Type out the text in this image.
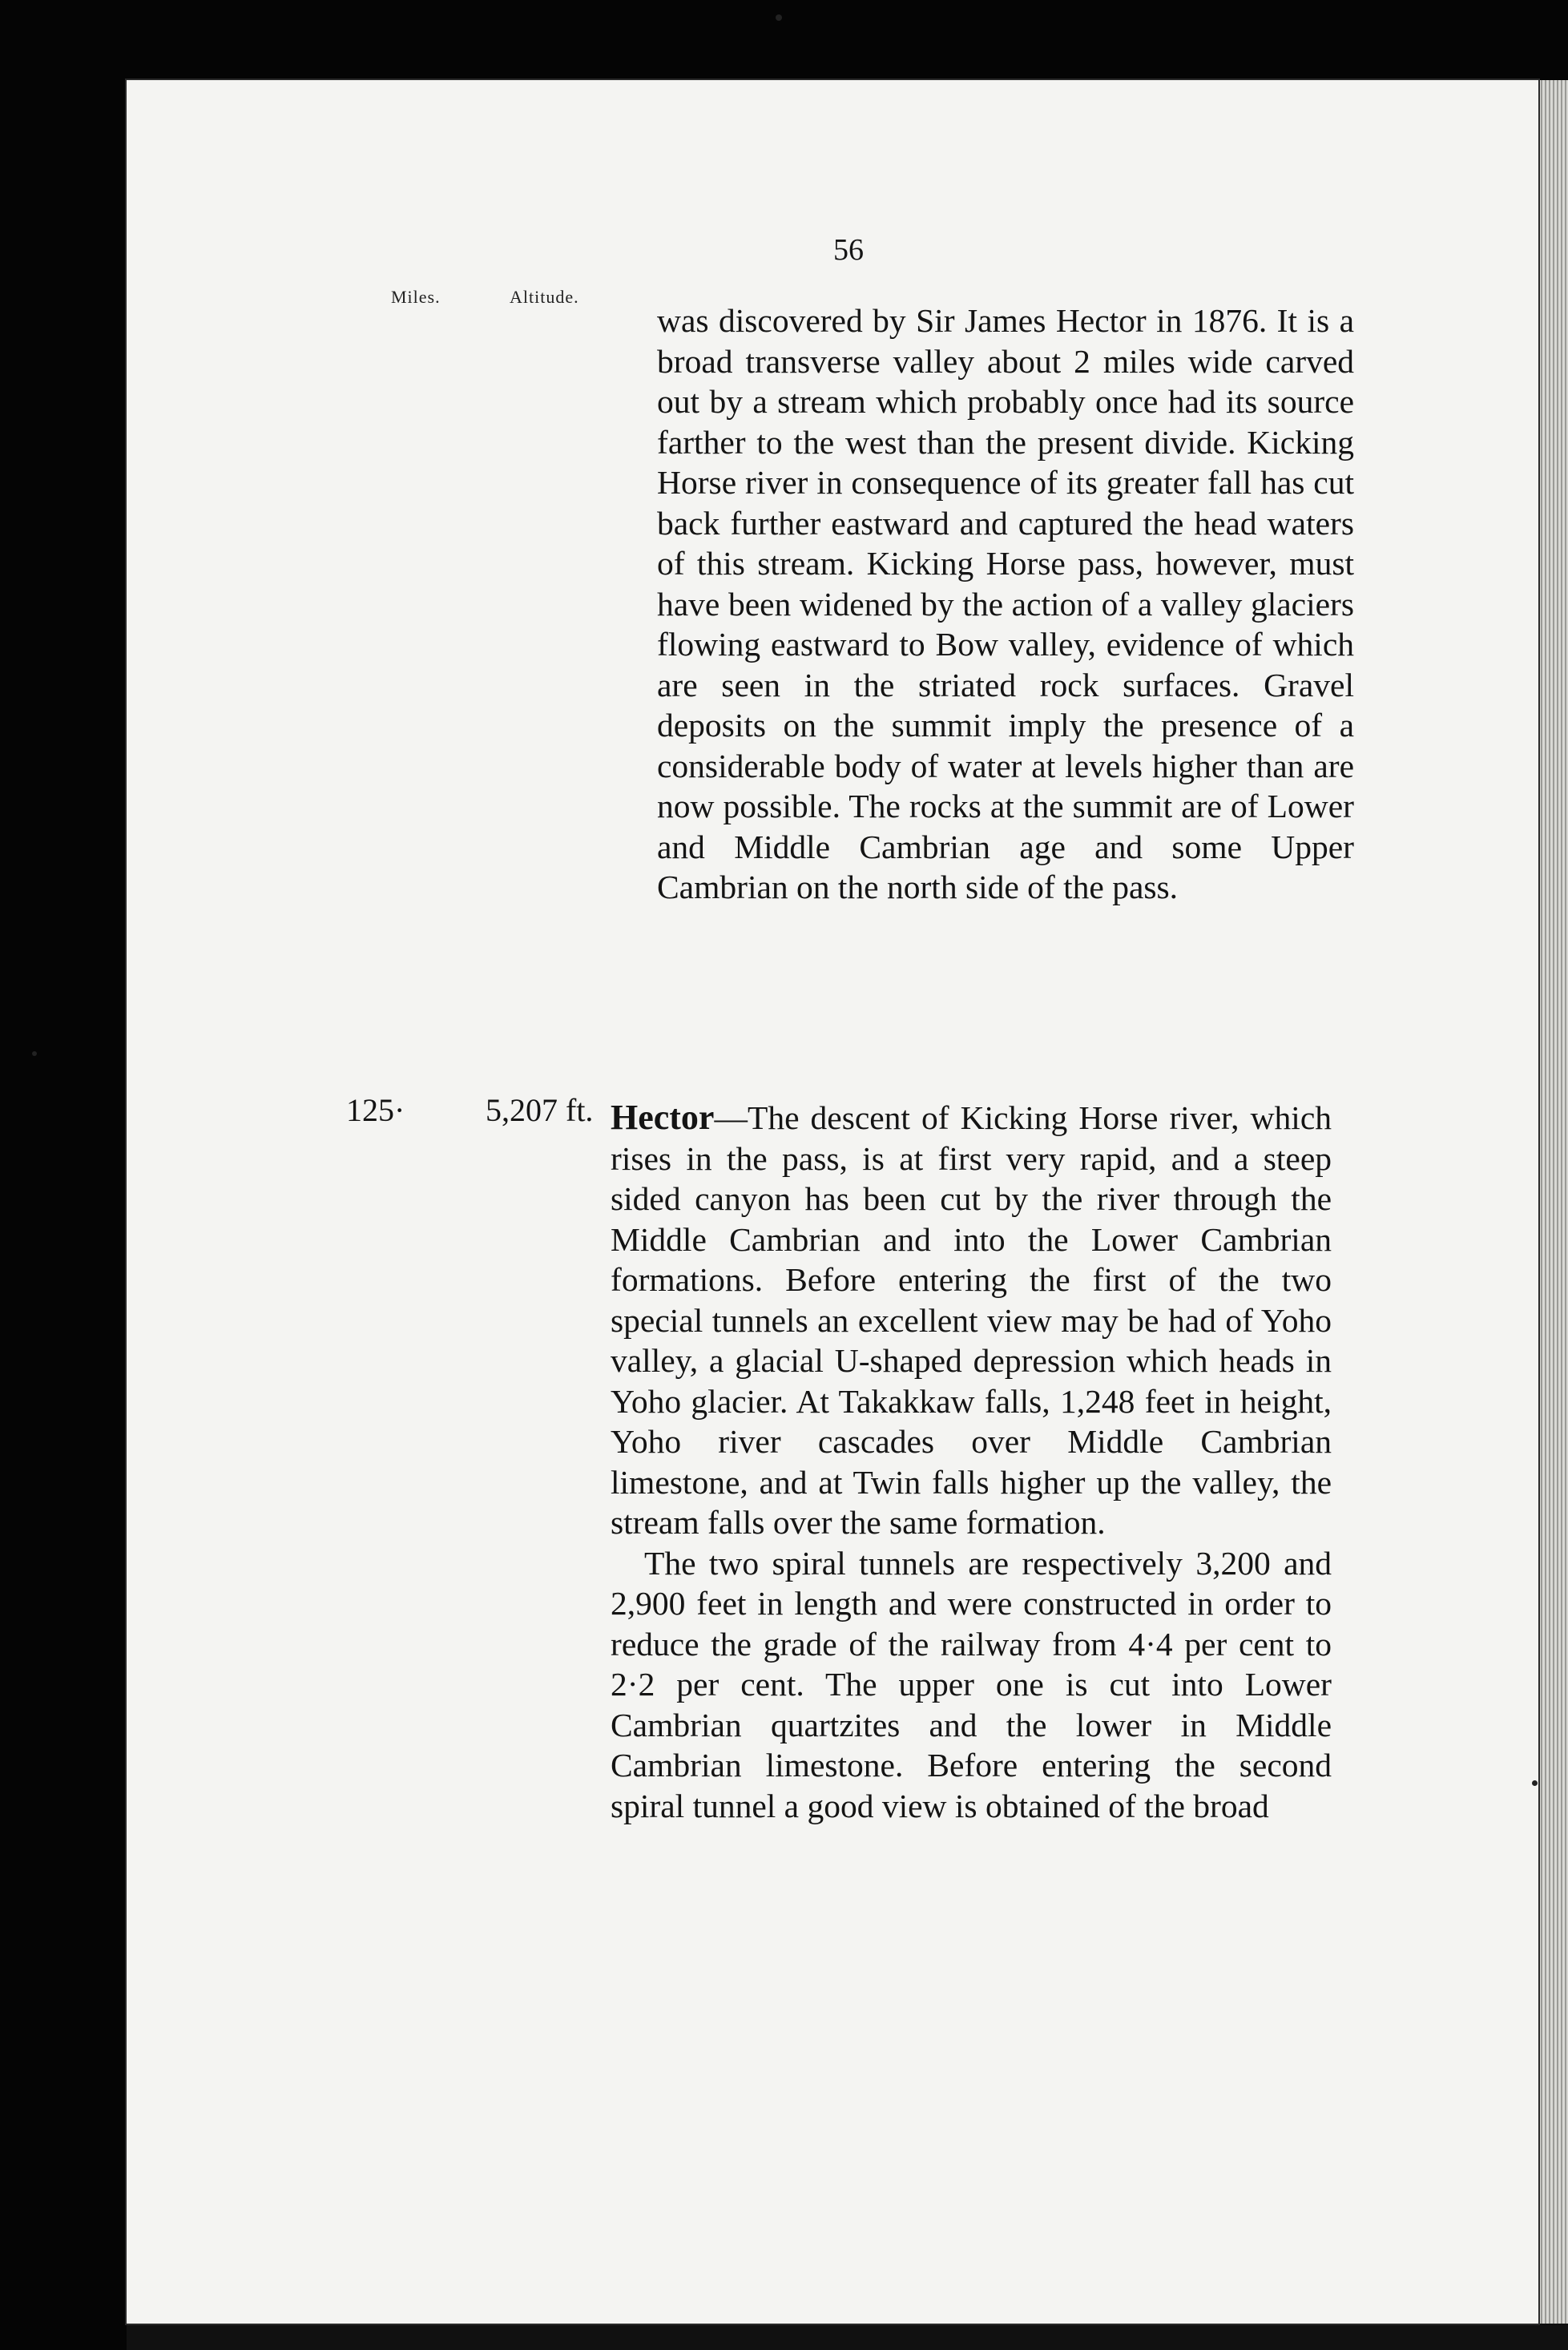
56
Miles.	Altitude.

was discovered by Sir James Hector in 1876. It is a broad transverse valley about 2 miles wide carved out by a stream which probably once had its source farther to the west than the present divide. Kicking Horse river in consequence of its greater fall has cut back further eastward and captured the head waters of this stream. Kicking Horse pass, however, must have been widened by the action of a valley glaciers flowing eastward to Bow valley, evidence of which are seen in the striated rock surfaces. Gravel deposits on the summit imply the presence of a considerable body of water at levels higher than are now possible. The rocks at the summit are of Lower and Middle Cambrian age and some Upper Cambrian on the north side of the pass.

125·	5,207 ft. Hector—The descent of Kicking Horse river, which rises in the pass, is at first very rapid, and a steep sided canyon has been cut by the river through the Middle Cambrian and into the Lower Cambrian formations. Before entering the first of the two special tunnels an excellent view may be had of Yoho valley, a glacial U-shaped depression which heads in Yoho glacier. At Takakkaw falls, 1,248 feet in height, Yoho river cascades over Middle Cambrian limestone, and at Twin falls higher up the valley, the stream falls over the same formation.

The two spiral tunnels are respectively 3,200 and 2,900 feet in length and were constructed in order to reduce the grade of the railway from 4·4 per cent to 2·2 per cent. The upper one is cut into Lower Cambrian quartzites and the lower in Middle Cambrian limestone. Before entering the second spiral tunnel a good view is obtained of the broad
